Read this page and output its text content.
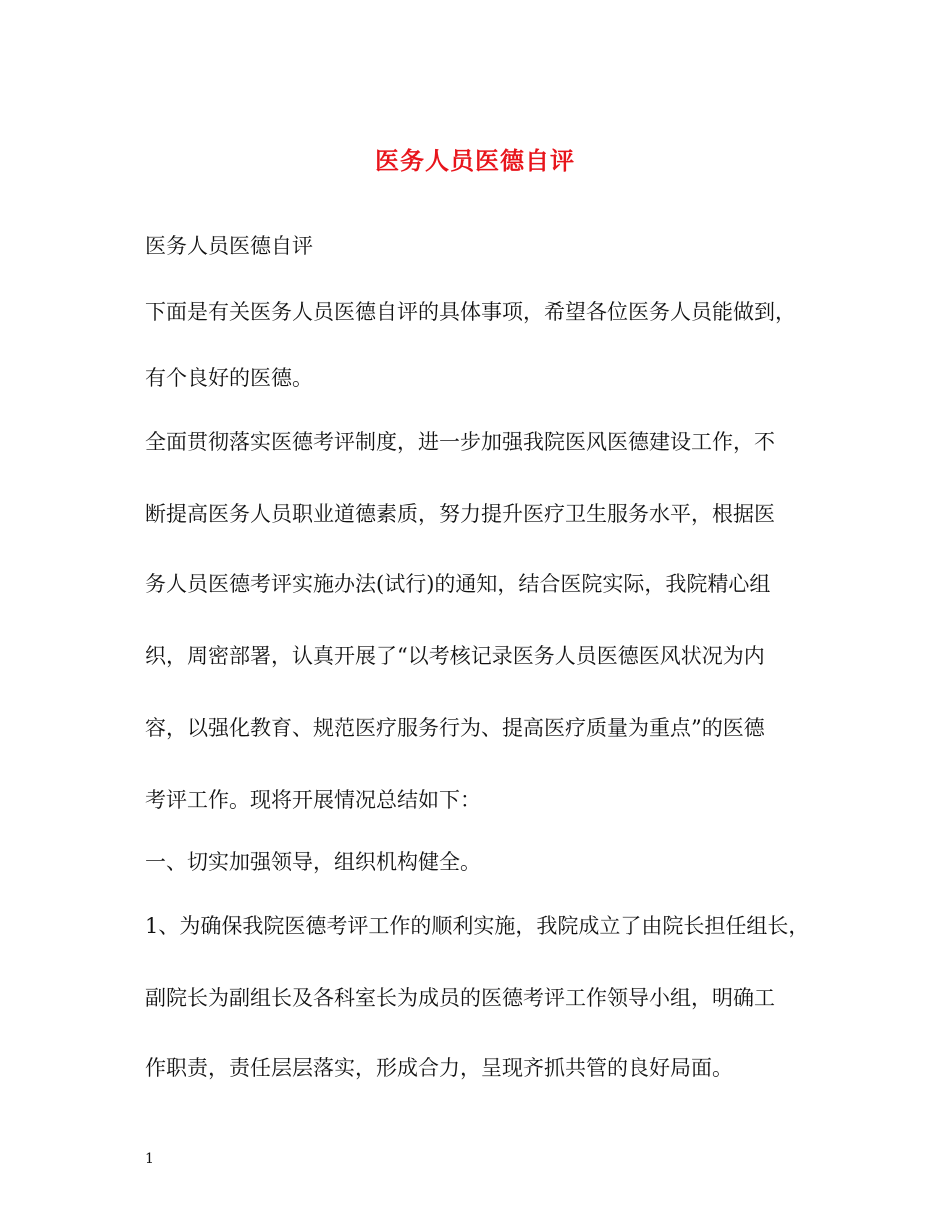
医务人员医德自评
医务人员医德自评
下面是有关医务人员医德自评的具体事项，希望各位医务人员能做到，
有个良好的医德。
全面贯彻落实医德考评制度，进一步加强我院医风医德建设工作，不
断提高医务人员职业道德素质，努力提升医疗卫生服务水平，根据医
务人员医德考评实施办法(试行)的通知，结合医院实际，我院精心组
织，周密部署，认真开展了“以考核记录医务人员医德医风状况为内
容，以强化教育、规范医疗服务行为、提高医疗质量为重点”的医德
考评工作。现将开展情况总结如下：
一、切实加强领导，组织机构健全。
1、为确保我院医德考评工作的顺利实施，我院成立了由院长担任组长，
副院长为副组长及各科室长为成员的医德考评工作领导小组，明确工
作职责，责任层层落实，形成合力，呈现齐抓共管的良好局面。
1
